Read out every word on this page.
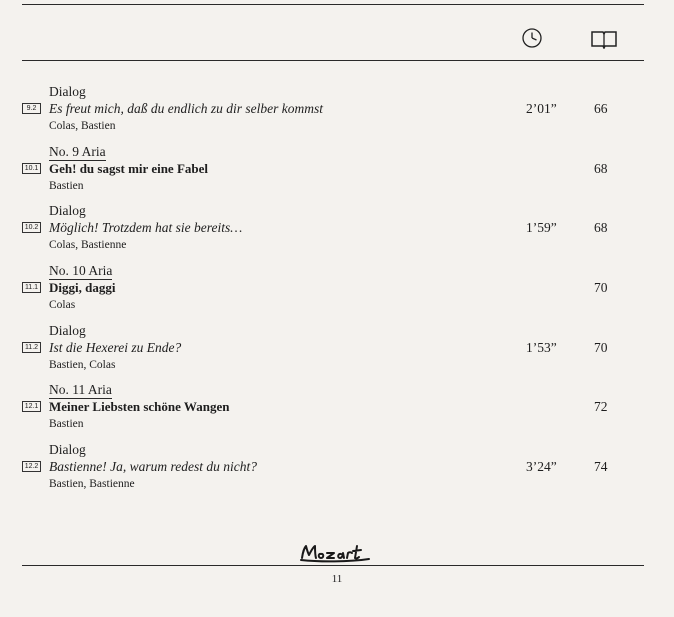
Dialog
9.2 Es freut mich, daß du endlich zu dir selber kommst	2’01”	66
Colas, Bastien
No. 9 Aria
10.1 Geh! du sagst mir eine Fabel	68
Bastien
Dialog
10.2 Möglich! Trotzdem hat sie bereits…	1’59”	68
Colas, Bastienne
No. 10 Aria
11.1 Diggi, daggi	70
Colas
Dialog
11.2 Ist die Hexerei zu Ende?	1’53”	70
Bastien, Colas
No. 11 Aria
12.1 Meiner Liebsten schöne Wangen	72
Bastien
Dialog
12.2 Bastienne! Ja, warum redest du nicht?	3’24”	74
Bastien, Bastienne
11
